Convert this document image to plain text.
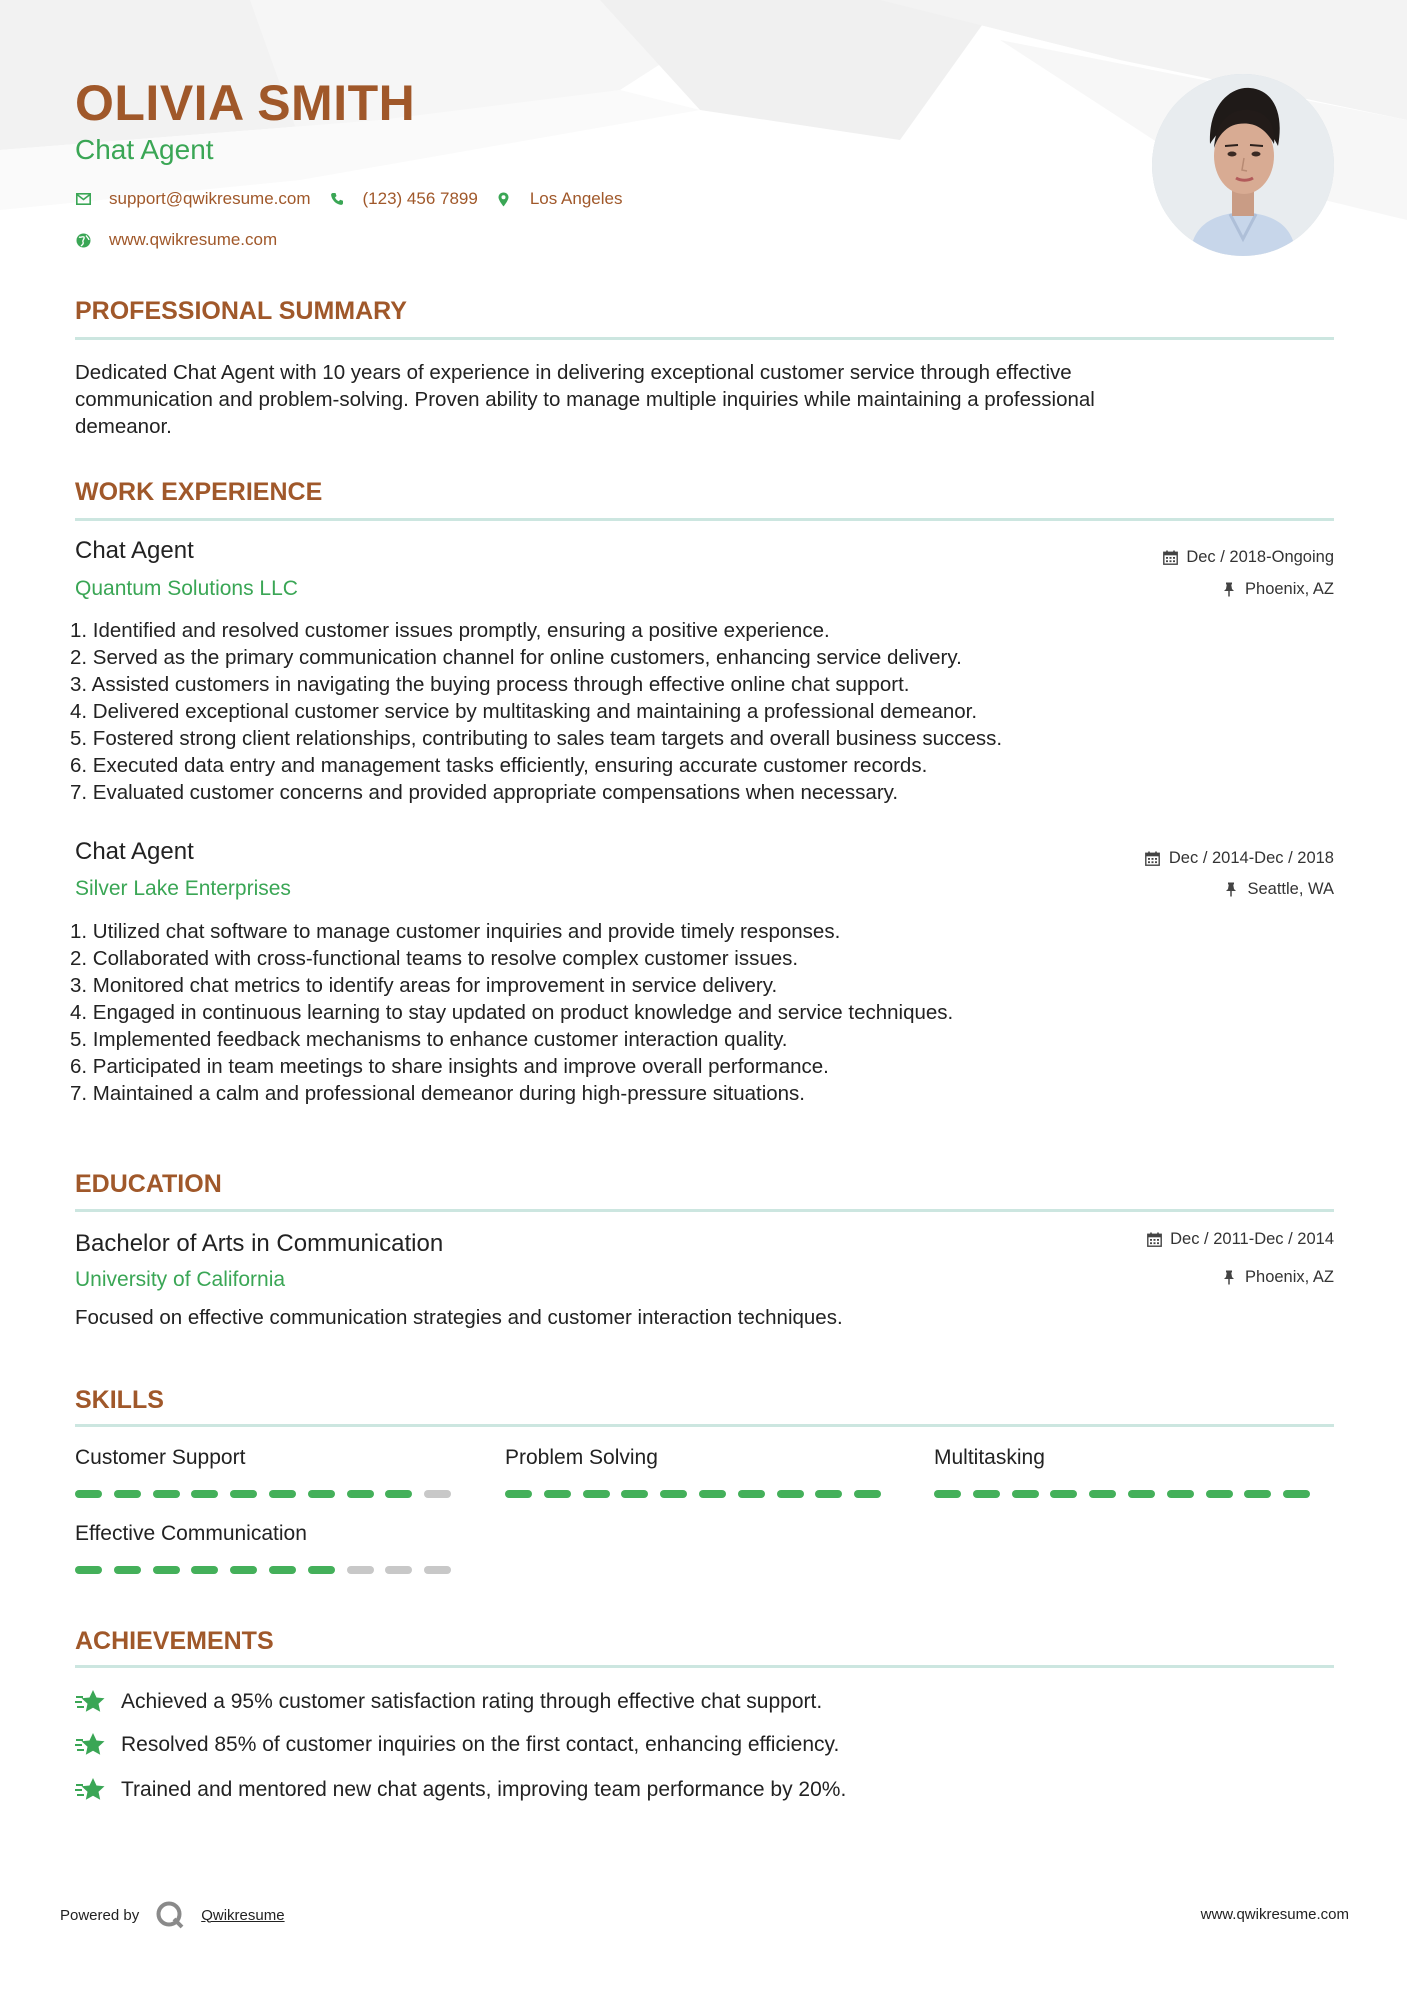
OLIVIA SMITH
Chat Agent
support@qwikresume.com	(123) 456 7899	Los Angeles
www.qwikresume.com
PROFESSIONAL SUMMARY
Dedicated Chat Agent with 10 years of experience in delivering exceptional customer service through effective
communication and problem-solving. Proven ability to manage multiple inquiries while maintaining a professional
demeanor.
WORK EXPERIENCE
Chat Agent
Quantum Solutions LLC
Dec / 2018-Ongoing
Phoenix, AZ
1. Identified and resolved customer issues promptly, ensuring a positive experience.
2. Served as the primary communication channel for online customers, enhancing service delivery.
3. Assisted customers in navigating the buying process through effective online chat support.
4. Delivered exceptional customer service by multitasking and maintaining a professional demeanor.
5. Fostered strong client relationships, contributing to sales team targets and overall business success.
6. Executed data entry and management tasks efficiently, ensuring accurate customer records.
7. Evaluated customer concerns and provided appropriate compensations when necessary.
Chat Agent
Silver Lake Enterprises
Dec / 2014-Dec / 2018
Seattle, WA
1. Utilized chat software to manage customer inquiries and provide timely responses.
2. Collaborated with cross-functional teams to resolve complex customer issues.
3. Monitored chat metrics to identify areas for improvement in service delivery.
4. Engaged in continuous learning to stay updated on product knowledge and service techniques.
5. Implemented feedback mechanisms to enhance customer interaction quality.
6. Participated in team meetings to share insights and improve overall performance.
7. Maintained a calm and professional demeanor during high-pressure situations.
EDUCATION
Bachelor of Arts in Communication
University of California
Dec / 2011-Dec / 2014
Phoenix, AZ
Focused on effective communication strategies and customer interaction techniques.
SKILLS
Customer Support	Problem Solving	Multitasking
Effective Communication
ACHIEVEMENTS
Achieved a 95% customer satisfaction rating through effective chat support.
Resolved 85% of customer inquiries on the first contact, enhancing efficiency.
Trained and mentored new chat agents, improving team performance by 20%.
Powered by	Qwikresume	www.qwikresume.com
